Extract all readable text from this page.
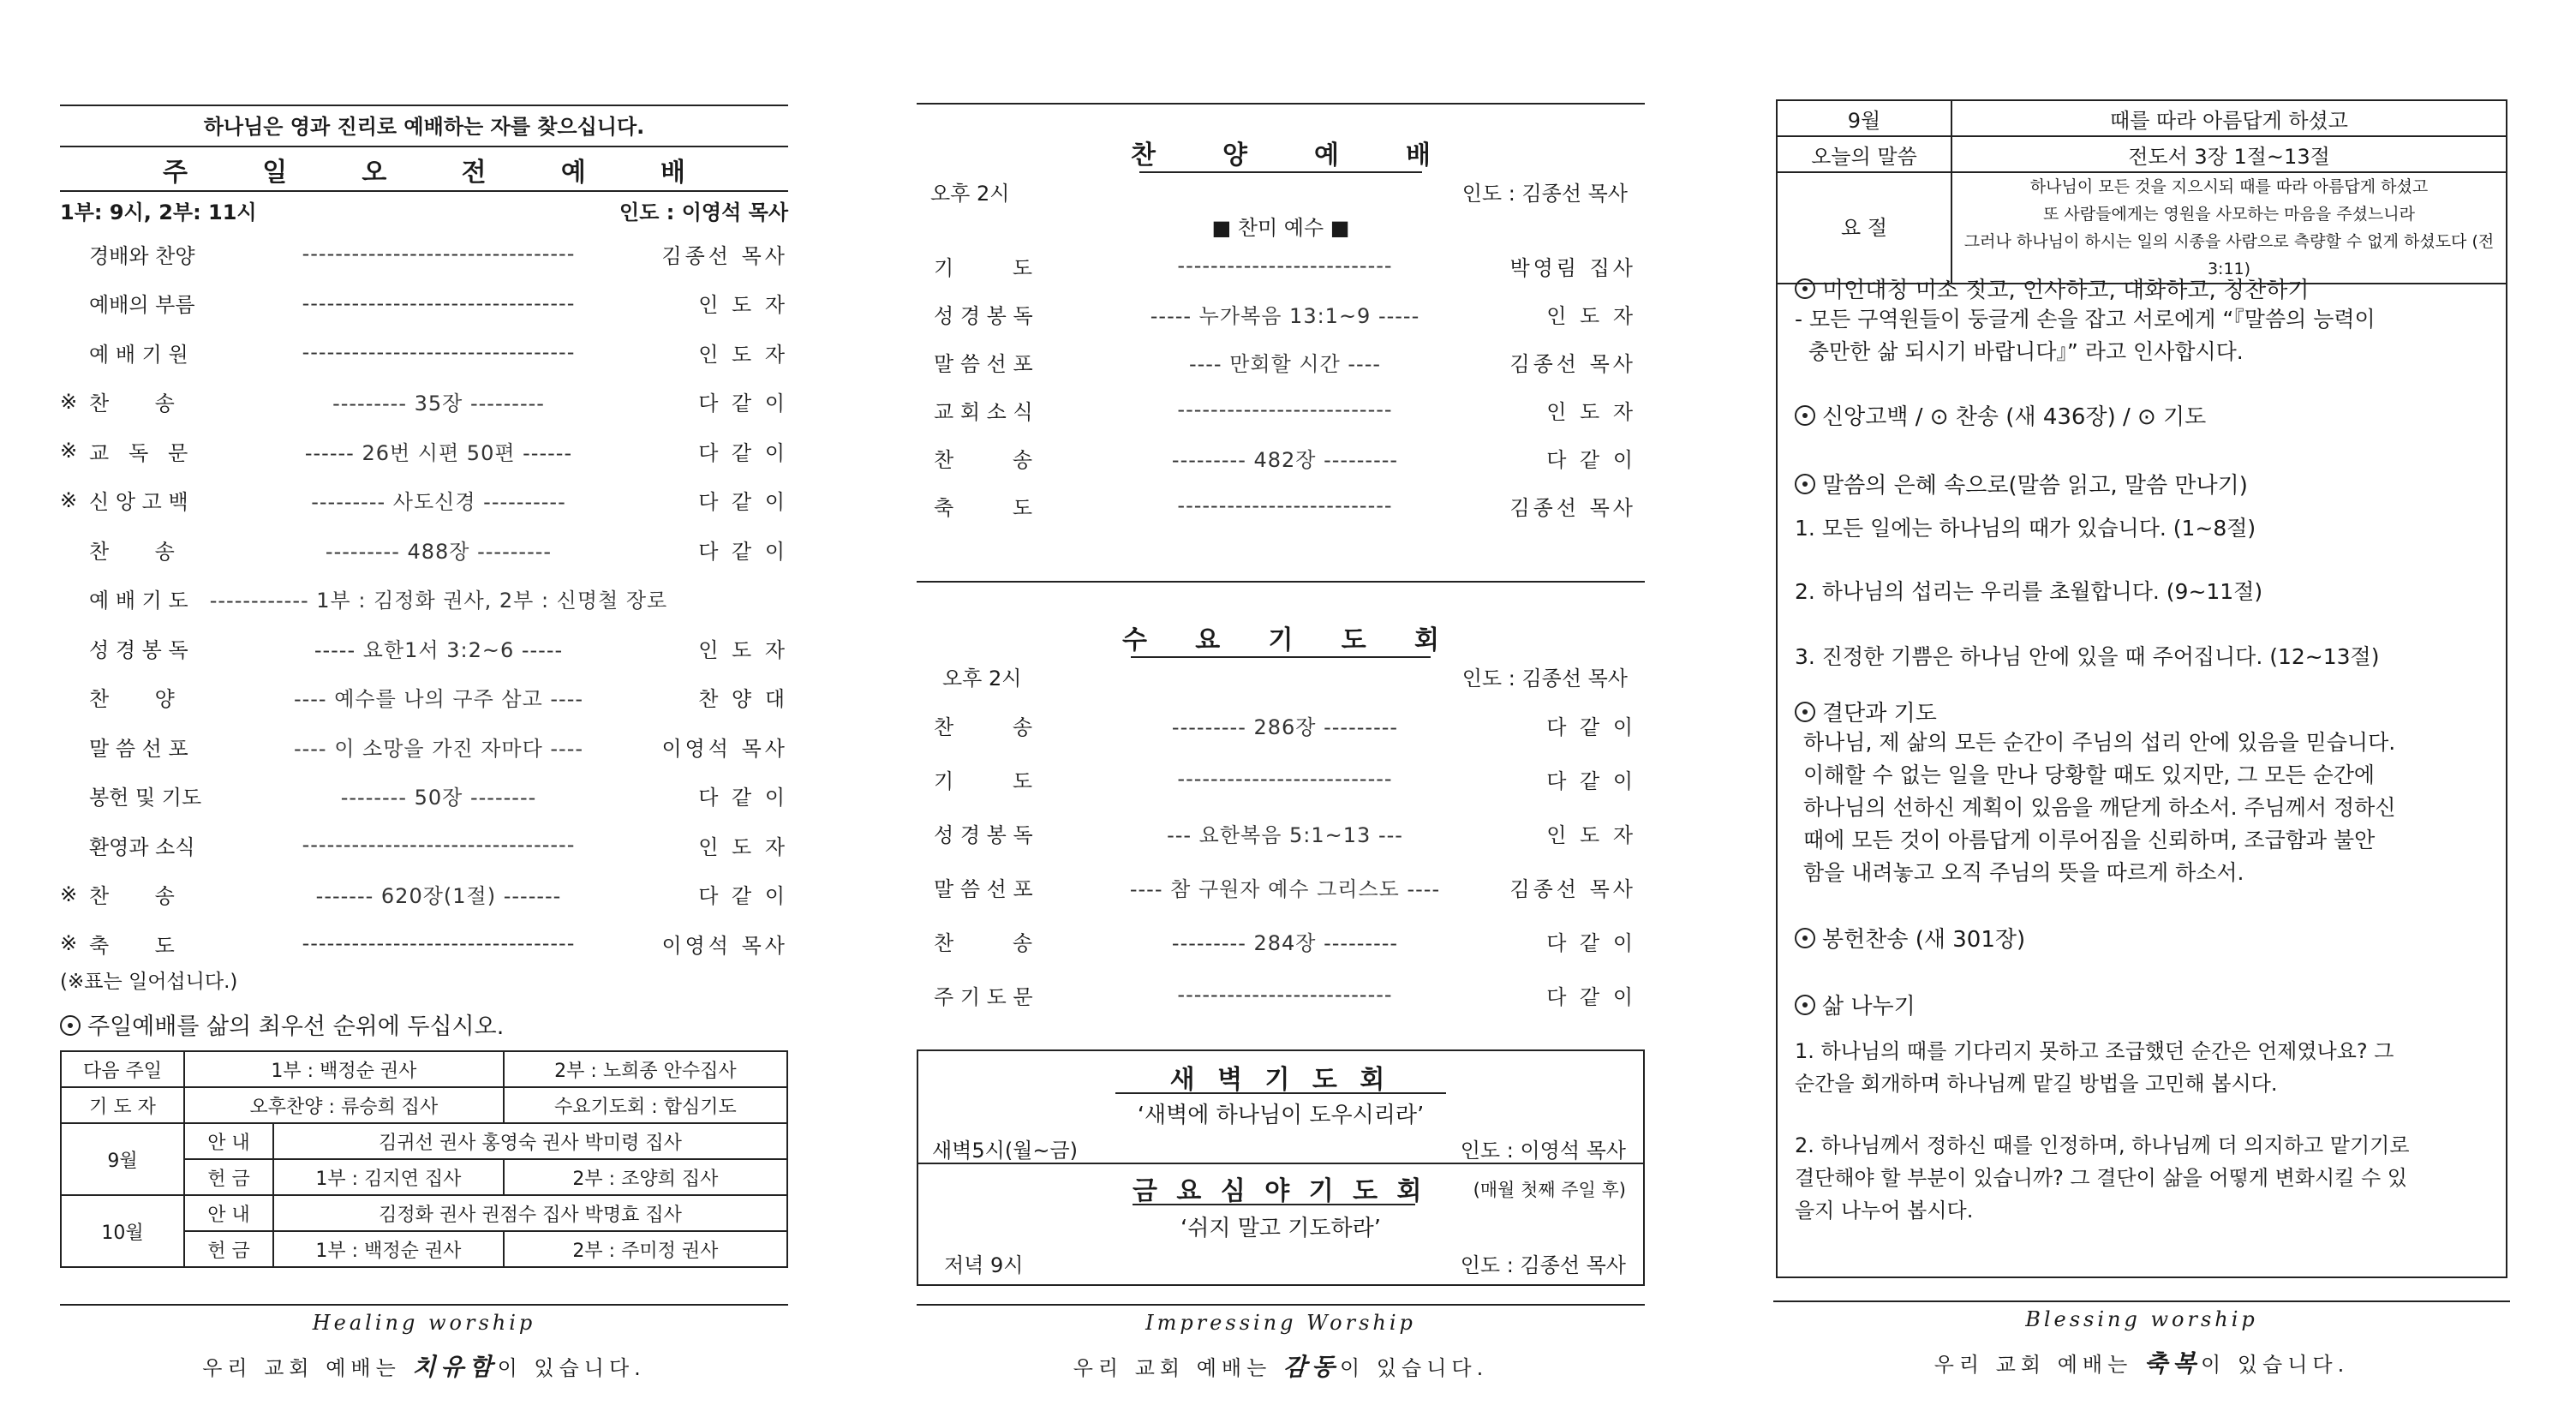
하나님은 영과 진리로 예배하는 자를 찾으십니다.
주	일	오	전	예	배
1부: 9시, 2부: 11시	인도 : 이영석 목사
경배와 찬양	---------------------------------	김종선 목사
예배의 부름	---------------------------------	인 도 자
예 배 기 원	---------------------------------	인 도 자
※ 찬       송	--------- 35장 ---------	다 같 이
※ 교   독   문	------ 26번 시편 50편 ------	다 같 이
※ 신 앙 고 백	--------- 사도신경 ----------	다 같 이
찬       송	--------- 488장 ---------	다 같 이
예 배 기 도	------------ 1부 : 김정화 권사, 2부 : 신명철 장로
성 경 봉 독	----- 요한1서 3:2~6 -----	인 도 자
찬       양	---- 예수를 나의 구주 삼고 ----	찬 양 대
말 씀 선 포	---- 이 소망을 가진 자마다 ----	이영석 목사
봉헌 및 기도	-------- 50장 --------	다 같 이
환영과 소식	---------------------------------	인 도 자
※ 찬       송	------- 620장(1절) -------	다 같 이
※ 축       도	---------------------------------	이영석 목사
(※표는 일어섭니다.)
주일예배를 삶의 최우선 순위에 두십시오.
다음 주일	1부 : 백정순 권사		2부 : 노희종 안수집사
기 도 자	오후찬양 : 류승희 집사		수요기도회 : 합심기도
9월	안 내	김귀선 권사 홍영숙 권사 박미령 집사	
	헌 금	1부 : 김지연 집사	2부 : 조양희 집사
10월	안 내	김정화 권사 권점수 집사 박명효 집사	
	헌 금	1부 : 백정순 권사	2부 : 주미정 권사
Healing worship
우리 교회 예배는 치유함이 있습니다.
찬	양	예	배
오후 2시	인도 : 김종선 목사
■ 찬미 예수 ■
기         도	--------------------------	박영림 집사
성 경 봉 독	----- 누가복음 13:1~9 -----	인 도 자
말 씀 선 포	---- 만회할 시간 ----	김종선 목사
교 회 소 식	--------------------------	인 도 자
찬         송	--------- 482장 ---------	다 같 이
축         도	--------------------------	김종선 목사
수 요 기 도 회
오후 2시	인도 : 김종선 목사
찬         송	--------- 286장 ---------	다 같 이
기         도	--------------------------	다 같 이
성 경 봉 독	--- 요한복음 5:1~13 ---	인 도 자
말 씀 선 포	---- 참 구원자 예수 그리스도 ----	김종선 목사
찬         송	--------- 284장 ---------	다 같 이
주 기 도 문	--------------------------	다 같 이
새 벽 기 도 회
‘새벽에 하나님이 도우시리라’
새벽5시(월~금)	인도 : 이영석 목사
금 요 심 야 기 도 회	(매월 첫째 주일 후)
‘쉬지 말고 기도하라’
저녁 9시	인도 : 김종선 목사
Impressing Worship
우리 교회 예배는 감동이 있습니다.
9월	때를 따라 아름답게 하셨고
오늘의 말씀	전도서 3장 1절~13절
요 절	하나님이 모든 것을 지으시되 때를 따라 아름답게 하셨고
또 사람들에게는 영원을 사모하는 마음을 주셨느니라
그러나 하나님이 하시는 일의 시종을 사람으로 측량할 수 없게 하셨도다 (전3:11)
미인대칭 미소 짓고, 인사하고, 대화하고, 칭찬하기
- 모든 구역원들이 둥글게 손을 잡고 서로에게 “『말씀의 능력이
충만한 삶 되시기 바랍니다』” 라고 인사합시다.
신앙고백 / ⊙ 찬송 (새 436장) / ⊙ 기도
말씀의 은혜 속으로(말씀 읽고, 말씀 만나기)
1. 모든 일에는 하나님의 때가 있습니다. (1~8절)
2. 하나님의 섭리는 우리를 초월합니다. (9~11절)
3. 진정한 기쁨은 하나님 안에 있을 때 주어집니다. (12~13절)
결단과 기도
하나님, 제 삶의 모든 순간이 주님의 섭리 안에 있음을 믿습니다.
이해할 수 없는 일을 만나 당황할 때도 있지만, 그 모든 순간에
하나님의 선하신 계획이 있음을 깨닫게 하소서. 주님께서 정하신
때에 모든 것이 아름답게 이루어짐을 신뢰하며, 조급함과 불안
함을 내려놓고 오직 주님의 뜻을 따르게 하소서.
봉헌찬송 (새 301장)
삶 나누기
1. 하나님의 때를 기다리지 못하고 조급했던 순간은 언제였나요? 그
순간을 회개하며 하나님께 맡길 방법을 고민해 봅시다.
2. 하나님께서 정하신 때를 인정하며, 하나님께 더 의지하고 맡기기로
결단해야 할 부분이 있습니까? 그 결단이 삶을 어떻게 변화시킬 수 있
을지 나누어 봅시다.
Blessing worship
우리 교회 예배는 축복이 있습니다.
